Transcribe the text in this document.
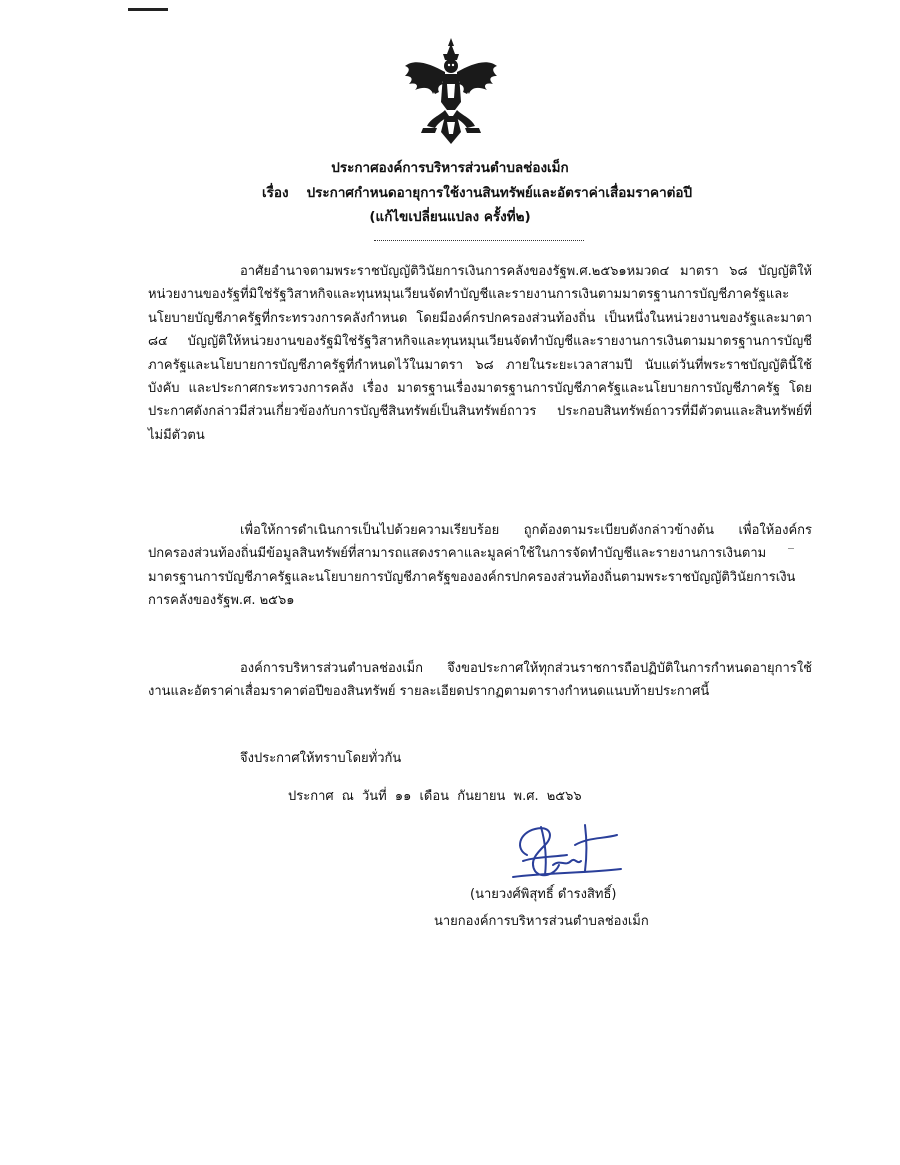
ประกาศองค์การบริหารส่วนตำบลช่องเม็ก
เรื่อง ประกาศกำหนดอายุการใช้งานสินทรัพย์และอัตราค่าเสื่อมราคาต่อปี
(แก้ไขเปลี่ยนแปลง ครั้งที่๒)
อาศัยอำนาจตามพระราชบัญญัติวินัยการเงินการคลังของรัฐพ.ศ.๒๕๖๑หมวด๔ มาตรา ๖๘ บัญญัติให้หน่วยงานของรัฐที่มิใช่รัฐวิสาหกิจและทุนหมุนเวียนจัดทำบัญชีและรายงานการเงินตามมาตรฐานการบัญชีภาครัฐและนโยบายบัญชีภาครัฐที่กระทรวงการคลังกำหนด โดยมีองค์กรปกครองส่วนท้องถิ่น เป็นหนึ่งในหน่วยงานของรัฐและมาตา ๘๔ บัญญัติให้หน่วยงานของรัฐมิใช่รัฐวิสาหกิจและทุนหมุนเวียนจัดทำบัญชีและรายงานการเงินตามมาตรฐานการบัญชีภาครัฐและนโยบายการบัญชีภาครัฐที่กำหนดไว้ในมาตรา ๖๘ ภายในระยะเวลาสามปี นับแต่วันที่พระราชบัญญัตินี้ใช้บังคับ และประกาศกระทรวงการคลัง เรื่อง มาตรฐานเรื่องมาตรฐานการบัญชีภาครัฐและนโยบายการบัญชีภาครัฐ โดยประกาศดังกล่าวมีส่วนเกี่ยวข้องกับการบัญชีสินทรัพย์เป็นสินทรัพย์ถาวร ประกอบสินทรัพย์ถาวรที่มีตัวตนและสินทรัพย์ที่ไม่มีตัวตน
เพื่อให้การดำเนินการเป็นไปด้วยความเรียบร้อย ถูกต้องตามระเบียบดังกล่าวข้างต้น เพื่อให้องค์กรปกครองส่วนท้องถิ่นมีข้อมูลสินทรัพย์ที่สามารถแสดงราคาและมูลค่าใช้ในการจัดทำบัญชีและรายงานการเงินตามมาตรฐานการบัญชีภาครัฐและนโยบายการบัญชีภาครัฐขององค์กรปกครองส่วนท้องถิ่นตามพระราชบัญญัติวินัยการเงินการคลังของรัฐพ.ศ. ๒๕๖๑
องค์การบริหารส่วนตำบลช่องเม็ก จึงขอประกาศให้ทุกส่วนราชการถือปฏิบัติในการกำหนดอายุการใช้งานและอัตราค่าเสื่อมราคาต่อปีของสินทรัพย์ รายละเอียดปรากฏตามตารางกำหนดแนบท้ายประกาศนี้
จึงประกาศให้ทราบโดยทั่วกัน
ประกาศ ณ วันที่ ๑๑ เดือน กันยายน พ.ศ. ๒๕๖๖
(นายวงศ์พิสุทธิ์ ดำรงสิทธิ์)
นายกองค์การบริหารส่วนตำบลช่องเม็ก
